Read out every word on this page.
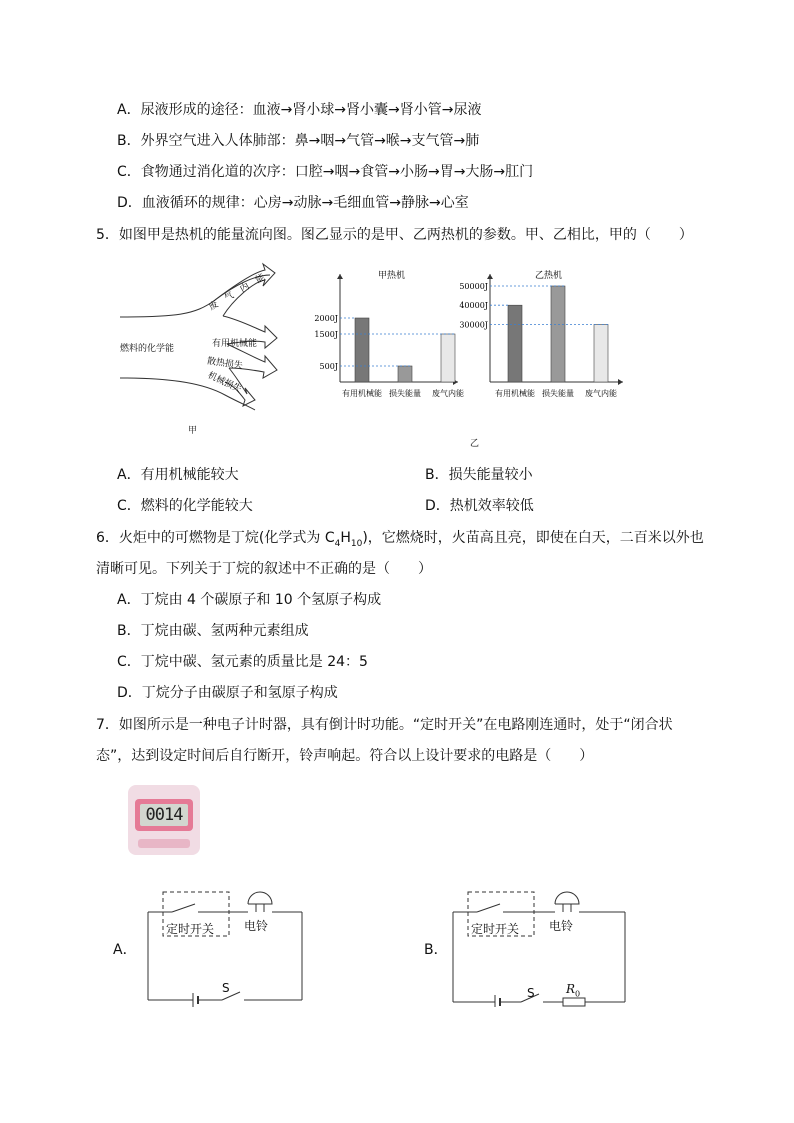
A．尿液形成的途径：血液→肾小球→肾小囊→肾小管→尿液
B．外界空气进入人体肺部：鼻→咽→气管→喉→支气管→肺
C．食物通过消化道的次序：口腔→咽→食管→小肠→胃→大肠→肛门
D．血液循环的规律：心房→动脉→毛细血管→静脉→心室
5．如图甲是热机的能量流向图。图乙显示的是甲、乙两热机的参数。甲、乙相比，甲的（　　）
燃料的化学能
废　气　内　能
有用机械能
散热损失
机械损失
甲
甲热机
有用机械能 损失能量 废气内能
2000J
1500J
500J
乙热机
有用机械能 损失能量 废气内能
50000J
40000J
30000J
乙
A．有用机械能较大	B．损失能量较小
C．燃料的化学能较大	D．热机效率较低
6．火炬中的可燃物是丁烷(化学式为 $C_4H_{10}$)，它燃烧时，火苗高且亮，即使在白天，二百米以外也
清晰可见。下列关于丁烷的叙述中不正确的是（　　）
A．丁烷由 4 个碳原子和 10 个氢原子构成
B．丁烷由碳、氢两种元素组成
C．丁烷中碳、氢元素的质量比是 24：5
D．丁烷分子由碳原子和氢原子构成
7．如图所示是一种电子计时器，具有倒计时功能。“定时开关”在电路刚连通时，处于“闭合状
态”，达到设定时间后自行断开，铃声响起。符合以上设计要求的电路是（　　）
0014
A．
定时开关 电铃
S
B．
定时开关 电铃
S	$R_0$
